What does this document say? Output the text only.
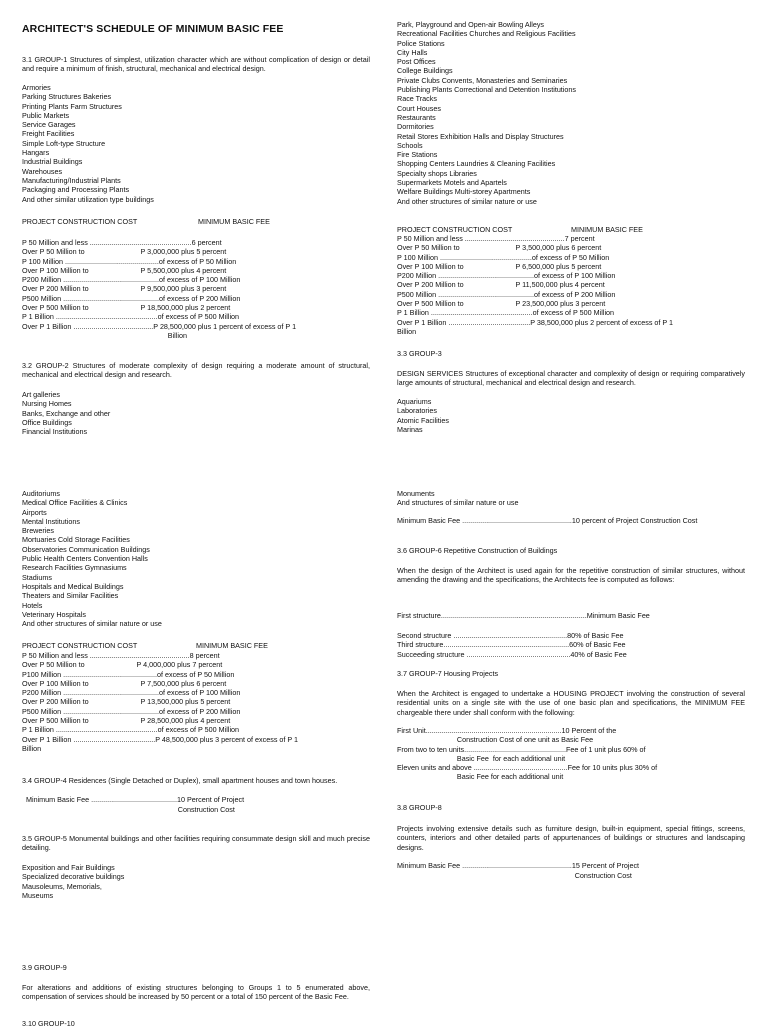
ARCHITECT'S SCHEDULE OF MINIMUM BASIC FEE
3.1 GROUP-1 Structures of simplest, utilization character which are without complication of design or detail and require a minimum of finish, structural, mechanical and electrical design.
Armories
Parking Structures Bakeries
Printing Plants Farm Structures
Public Markets
Service Garages
Freight Facilities
Simple Loft-type Structure
Hangars
Industrial Buildings
Warehouses
Manufacturing/Industrial Plants
Packaging and Processing Plants
And other similar utilization type buildings
PROJECT CONSTRUCTION COST	MINIMUM BASIC FEE
P 50 Million and less ...................................................6 percent
Over P 50 Million to                            P 3,000,000 plus 5 percent
P 100 Million ...............................................of excess of P 50 Million
Over P 100 Million to                          P 5,500,000 plus 4 percent
P200 Million ................................................of excess of P 100 Million
Over P 200 Million to                          P 9,500,000 plus 3 percent
P500 Million ................................................of excess of P 200 Million
Over P 500 Million to                          P 18,500,000 plus 2 percent
P 1 Billion ...................................................of excess of P 500 Million
Over P 1 Billion ........................................P 28,500,000 plus 1 percent of excess of P 1
Billion
3.2 GROUP-2 Structures of moderate complexity of design requiring a moderate amount of structural, mechanical and electrical design and research.
Art galleries
Nursing Homes
Banks, Exchange and other
Office Buildings
Financial Institutions
Park, Playground and Open-air Bowling Alleys
Recreational Facilities Churches and Religious Facilities
Police Stations
City Halls
Post Offices
College Buildings
Private Clubs Convents, Monasteries and Seminaries
Publishing Plants Correctional and Detention Institutions
Race Tracks
Court Houses
Restaurants
Dormitories
Retail Stores Exhibition Halls and Display Structures
Schools
Fire Stations
Shopping Centers Laundries & Cleaning Facilities
Specialty shops Libraries
Supermarkets Motels and Apartels
Welfare Buildings Multi-storey Apartments
And other structures of similar nature or use
PROJECT CONSTRUCTION COST	MINIMUM BASIC FEE
P 50 Million and less ..................................................7 percent
Over P 50 Million to                            P 3,500,000 plus 6 percent
P 100 Million ..............................................of excess of P 50 Million
Over P 100 Million to                          P 6,500,000 plus 5 percent
P200 Million ................................................of excess of P 100 Million
Over P 200 Million to                          P 11,500,000 plus 4 percent
P500 Million ................................................of excess of P 200 Million
Over P 500 Million to                          P 23,500,000 plus 3 percent
P 1 Billion ...................................................of excess of P 500 Million
Over P 1 Billion .........................................P 38,500,000 plus 2 percent of excess of P 1
Billion
3.3 GROUP-3
DESIGN SERVICES Structures of exceptional character and complexity of design or requiring comparatively large amounts of structural, mechanical and electrical design and research.
Aquariums
Laboratories
Atomic Facilities
Marinas
Auditoriums
Medical Office Facilities & Clinics
Airports
Mental Institutions
Breweries
Mortuaries Cold Storage Facilities
Observatories Communication Buildings
Public Health Centers Convention Halls
Research Facilities Gymnasiums
Stadiums
Hospitals and Medical Buildings
Theaters and Similar Facilities
Hotels
Veterinary Hospitals
And other structures of similar nature or use
PROJECT CONSTRUCTION COST	MINIMUM BASIC FEE
P 50 Million and less ..................................................8 percent
Over P 50 Million to                          P 4,000,000 plus 7 percent
P100 Million ...............................................of excess of P 50 Million
Over P 100 Million to                          P 7,500,000 plus 6 percent
P200 Million ................................................of excess of P 100 Million
Over P 200 Million to                          P 13,500,000 plus 5 percent
P500 Million ................................................of excess of P 200 Million
Over P 500 Million to                          P 28,500,000 plus 4 percent
P 1 Billion ...................................................of excess of P 500 Million
Over P 1 Billion .........................................P 48,500,000 plus 3 percent of excess of P 1
Billion
3.4 GROUP-4 Residences (Single Detached or Duplex), small apartment houses and town houses.
Minimum Basic Fee ...........................................10 Percent of Project
Construction Cost
3.5 GROUP-5 Monumental buildings and other facilities requiring consummate design skill and much precise detailing.
Exposition and Fair Buildings
Specialized decorative buildings
Mausoleums, Memorials,
Museums
3.9 GROUP-9
For alterations and additions of existing structures belonging to Groups 1 to 5 enumerated above, compensation of services should be increased by 50 percent or a total of 150 percent of the Basic Fee.
3.10 GROUP-10
Monuments
And structures of similar nature or use
Minimum Basic Fee .......................................................10 percent of Project Construction Cost
3.6 GROUP-6 Repetitive Construction of Buildings
When the design of the Architect is used again for the repetitive construction of similar structures, without amending the drawing and the specifications, the Architects fee is computed as follows:
First structure.........................................................................Minimum Basic Fee
Second structure .........................................................80% of Basic Fee
Third structure...............................................................60% of Basic Fee
Succeeding structure ....................................................40% of Basic Fee
3.7 GROUP-7 Housing Projects
When the Architect is engaged to undertake a HOUSING PROJECT involving the construction of several residential units on a single site with the use of one basic plan and specifications, the MINIMUM FEE chargeable there under shall conform with the following:
First Unit....................................................................10 Percent of the
Construction Cost of one unit as Basic Fee
From two to ten units...................................................Fee of 1 unit plus 60% of
Basic Fee  for each additional unit
Eleven units and above ...............................................Fee for 10 units plus 30% of
Basic Fee for each additional unit
3.8 GROUP-8
Projects involving extensive details such as furniture design, built-in equipment, special fittings, screens, counters, interiors and other detailed parts of appurtenances of buildings or structures and landscaping designs.
Minimum Basic Fee .......................................................15 Percent of Project
Construction Cost
